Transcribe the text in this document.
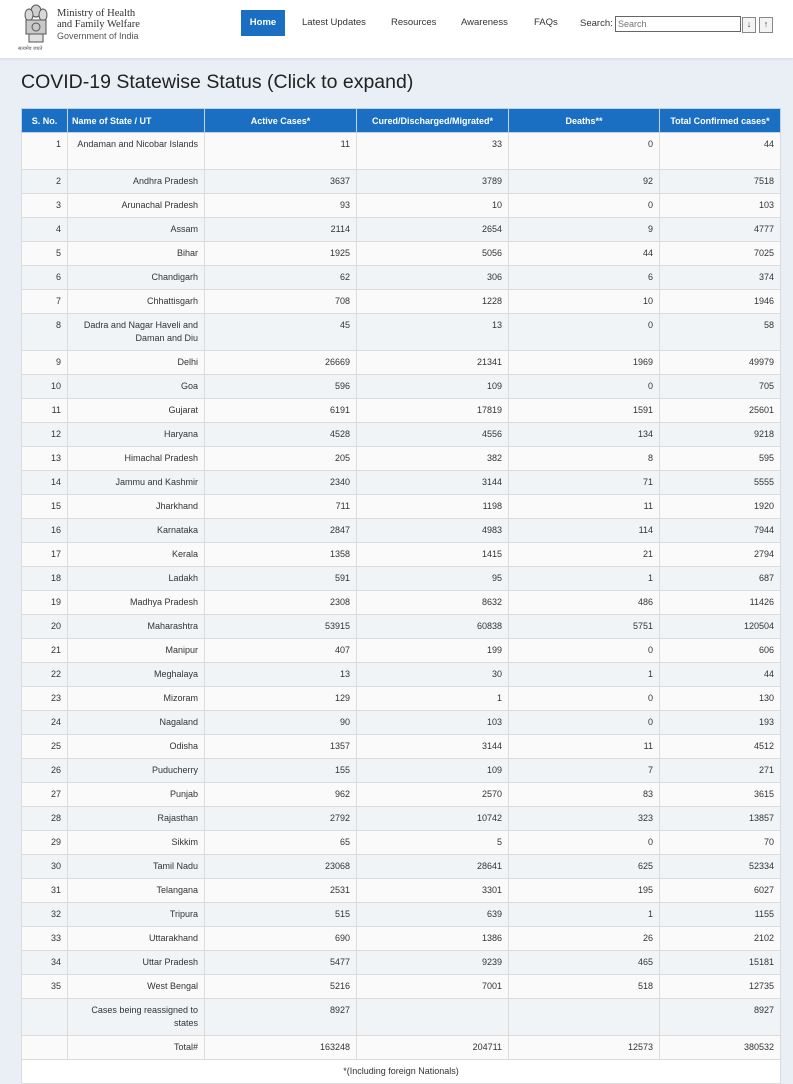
सत्यमेव जयते
Ministry of Health
and Family Welfare
Government of India
Home	Latest Updates	Resources	Awareness	FAQs Search:
Search	↓	↑
COVID-19 Statewise Status (Click to expand)
S. No.	Name of State / UT	Active Cases*	Cured/Discharged/Migrated*	Deaths**	Total Confirmed cases*
1	Andaman and Nicobar Islands	11	33	0	44
2	Andhra Pradesh	3637	3789	92	7518
3	Arunachal Pradesh	93	10	0	103
4	Assam	2114	2654	9	4777
5	Bihar	1925	5056	44	7025
6	Chandigarh	62	306	6	374
7	Chhattisgarh	708	1228	10	1946
8	Dadra and Nagar Haveli and Daman and Diu	45	13	0	58
9	Delhi	26669	21341	1969	49979
10	Goa	596	109	0	705
11	Gujarat	6191	17819	1591	25601
12	Haryana	4528	4556	134	9218
13	Himachal Pradesh	205	382	8	595
14	Jammu and Kashmir	2340	3144	71	5555
15	Jharkhand	711	1198	11	1920
16	Karnataka	2847	4983	114	7944
17	Kerala	1358	1415	21	2794
18	Ladakh	591	95	1	687
19	Madhya Pradesh	2308	8632	486	11426
20	Maharashtra	53915	60838	5751	120504
21	Manipur	407	199	0	606
22	Meghalaya	13	30	1	44
23	Mizoram	129	1	0	130
24	Nagaland	90	103	0	193
25	Odisha	1357	3144	11	4512
26	Puducherry	155	109	7	271
27	Punjab	962	2570	83	3615
28	Rajasthan	2792	10742	323	13857
29	Sikkim	65	5	0	70
30	Tamil Nadu	23068	28641	625	52334
31	Telangana	2531	3301	195	6027
32	Tripura	515	639	1	1155
33	Uttarakhand	690	1386	26	2102
34	Uttar Pradesh	5477	9239	465	15181
35	West Bengal	5216	7001	518	12735
	Cases being reassigned to states	8927			8927
	Total#	163248	204711	12573	380532
*(Including foreign Nationals)					
